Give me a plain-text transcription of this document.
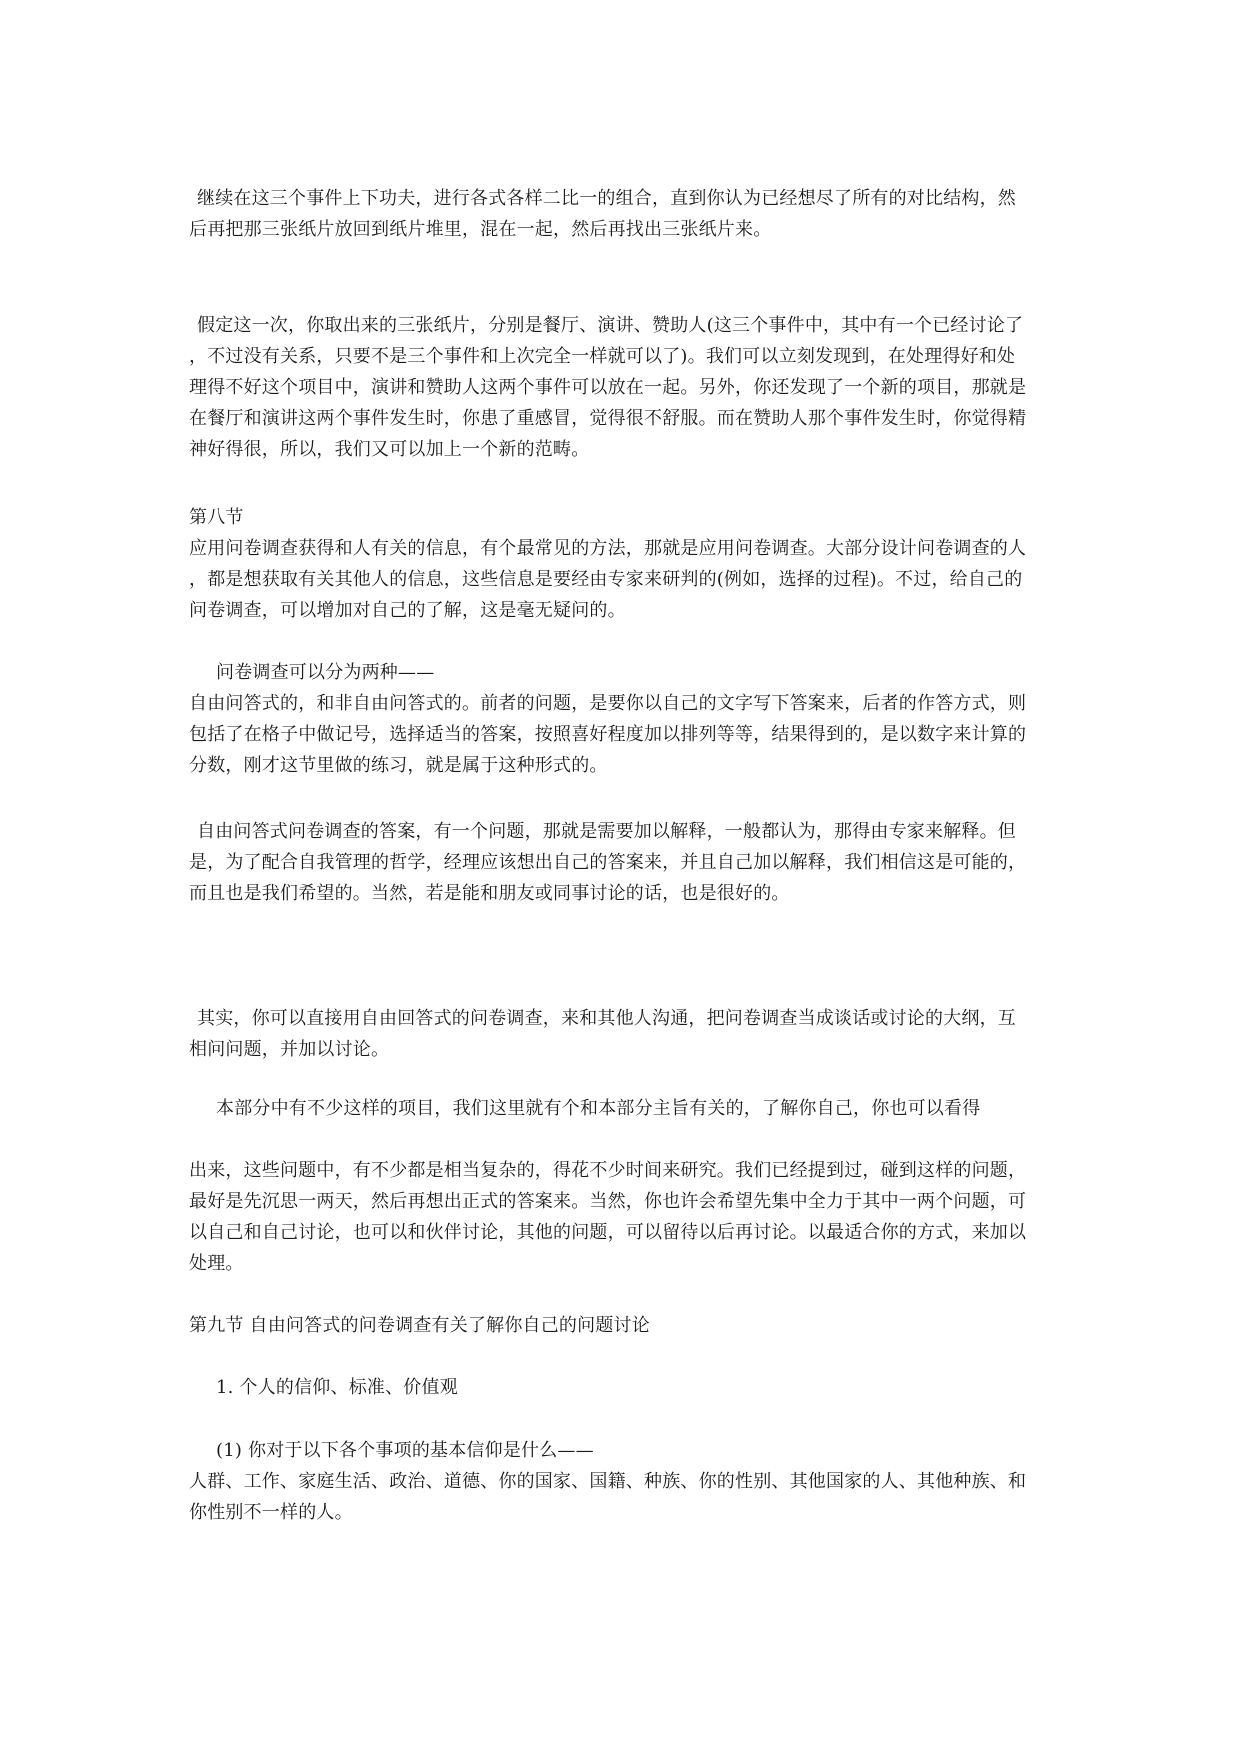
继续在这三个事件上下功夫，进行各式各样二比一的组合，直到你认为已经想尽了所有的对比结构，然
后再把那三张纸片放回到纸片堆里，混在一起，然后再找出三张纸片来。
假定这一次，你取出来的三张纸片，分别是餐厅、演讲、赞助人(这三个事件中，其中有一个已经讨论了
，不过没有关系，只要不是三个事件和上次完全一样就可以了)。我们可以立刻发现到，在处理得好和处
理得不好这个项目中，演讲和赞助人这两个事件可以放在一起。另外，你还发现了一个新的项目，那就是
在餐厅和演讲这两个事件发生时，你患了重感冒，觉得很不舒服。而在赞助人那个事件发生时，你觉得精
神好得很，所以，我们又可以加上一个新的范畴。
第八节
应用问卷调查获得和人有关的信息，有个最常见的方法，那就是应用问卷调查。大部分设计问卷调查的人
，都是想获取有关其他人的信息，这些信息是要经由专家来研判的(例如，选择的过程)。不过，给自己的
问卷调查，可以增加对自己的了解，这是毫无疑问的。
问卷调查可以分为两种——
自由问答式的，和非自由问答式的。前者的问题，是要你以自己的文字写下答案来，后者的作答方式，则
包括了在格子中做记号，选择适当的答案，按照喜好程度加以排列等等，结果得到的，是以数字来计算的
分数，刚才这节里做的练习，就是属于这种形式的。
自由问答式问卷调查的答案，有一个问题，那就是需要加以解释，一般都认为，那得由专家来解释。但
是，为了配合自我管理的哲学，经理应该想出自己的答案来，并且自己加以解释，我们相信这是可能的，
而且也是我们希望的。当然，若是能和朋友或同事讨论的话，也是很好的。
其实，你可以直接用自由回答式的问卷调查，来和其他人沟通，把问卷调查当成谈话或讨论的大纲，互
相问问题，并加以讨论。
本部分中有不少这样的项目，我们这里就有个和本部分主旨有关的，了解你自己，你也可以看得
出来，这些问题中，有不少都是相当复杂的，得花不少时间来研究。我们已经提到过，碰到这样的问题，
最好是先沉思一两天，然后再想出正式的答案来。当然，你也许会希望先集中全力于其中一两个问题，可
以自己和自己讨论，也可以和伙伴讨论，其他的问题，可以留待以后再讨论。以最适合你的方式，来加以
处理。
第九节 自由问答式的问卷调查有关了解你自己的问题讨论
1. 个人的信仰、标准、价值观
(1) 你对于以下各个事项的基本信仰是什么——
人群、工作、家庭生活、政治、道德、你的国家、国籍、种族、你的性别、其他国家的人、其他种族、和
你性别不一样的人。
